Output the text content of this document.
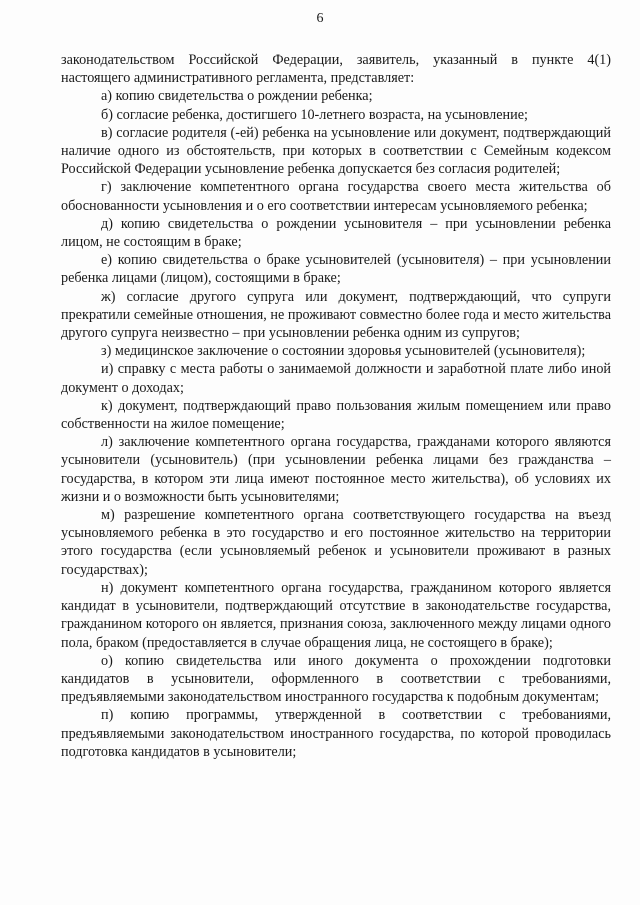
6

законодательством Российской Федерации, заявитель, указанный в пункте 4(1) настоящего административного регламента, представляет:

а) копию свидетельства о рождении ребенка;

б) согласие ребенка, достигшего 10-летнего возраста, на усыновление;

в) согласие родителя (-ей) ребенка на усыновление или документ, подтверждающий наличие одного из обстоятельств, при которых в соответствии с Семейным кодексом Российской Федерации усыновление ребенка допускается без согласия родителей;

г) заключение компетентного органа государства своего места жительства об обоснованности усыновления и о его соответствии интересам усыновляемого ребенка;

д) копию свидетельства о рождении усыновителя – при усыновлении ребенка лицом, не состоящим в браке;

е) копию свидетельства о браке усыновителей (усыновителя) – при усыновлении ребенка лицами (лицом), состоящими в браке;

ж) согласие другого супруга или документ, подтверждающий, что супруги прекратили семейные отношения, не проживают совместно более года и место жительства другого супруга неизвестно – при усыновлении ребенка одним из супругов;

з) медицинское заключение о состоянии здоровья усыновителей (усыновителя);

и) справку с места работы о занимаемой должности и заработной плате либо иной документ о доходах;

к) документ, подтверждающий право пользования жилым помещением или право собственности на жилое помещение;

л) заключение компетентного органа государства, гражданами которого являются усыновители (усыновитель) (при усыновлении ребенка лицами без гражданства – государства, в котором эти лица имеют постоянное место жительства), об условиях их жизни и о возможности быть усыновителями;

м) разрешение компетентного органа соответствующего государства на въезд усыновляемого ребенка в это государство и его постоянное жительство на территории этого государства (если усыновляемый ребенок и усыновители проживают в разных государствах);

н) документ компетентного органа государства, гражданином которого является кандидат в усыновители, подтверждающий отсутствие в законодательстве государства, гражданином которого он является, признания союза, заключенного между лицами одного пола, браком (предоставляется в случае обращения лица, не состоящего в браке);

о) копию свидетельства или иного документа о прохождении подготовки кандидатов в усыновители, оформленного в соответствии с требованиями, предъявляемыми законодательством иностранного государства к подобным документам;

п) копию программы, утвержденной в соответствии с требованиями, предъявляемыми законодательством иностранного государства, по которой проводилась подготовка кандидатов в усыновители;
